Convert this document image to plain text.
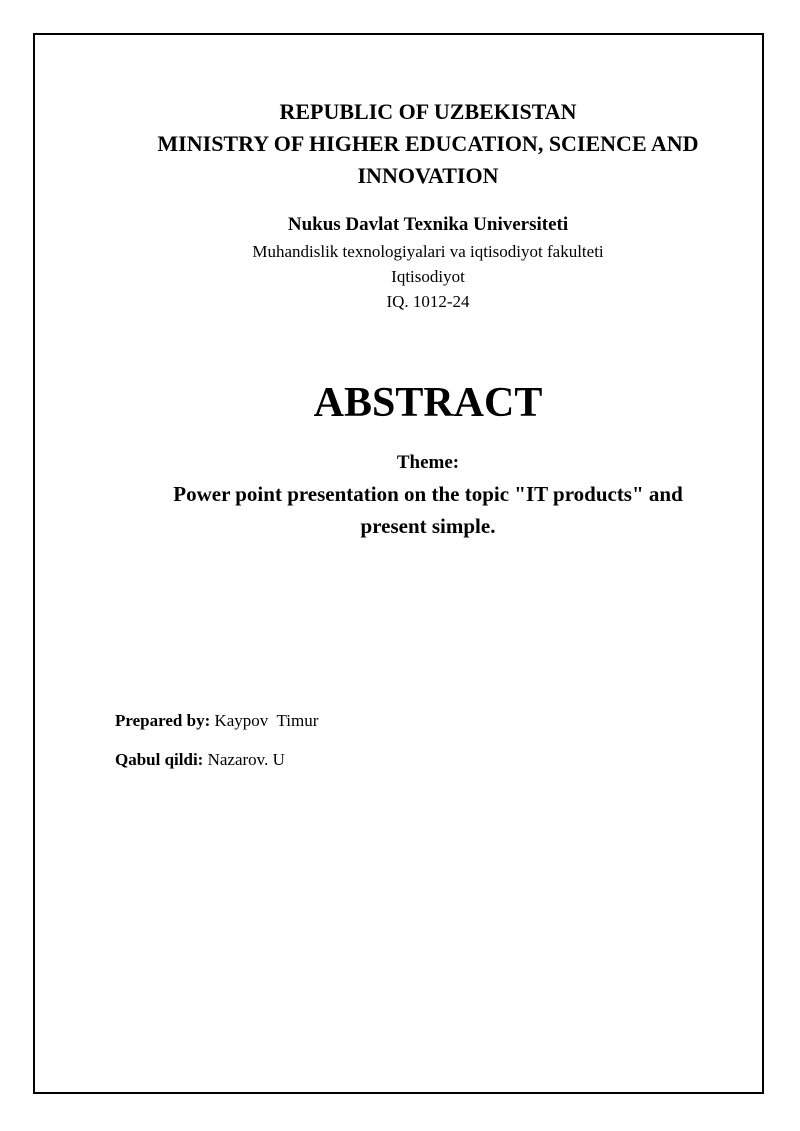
REPUBLIC OF UZBEKISTAN
MINISTRY OF HIGHER EDUCATION, SCIENCE AND
INNOVATION
Nukus Davlat Texnika Universiteti
Muhandislik texnologiyalari va iqtisodiyot fakulteti
Iqtisodiyot
IQ. 1012-24
ABSTRACT
Theme:
Power point presentation on the topic "IT products" and
present simple.
Prepared by: Kaypov  Timur
Qabul qildi: Nazarov. U
